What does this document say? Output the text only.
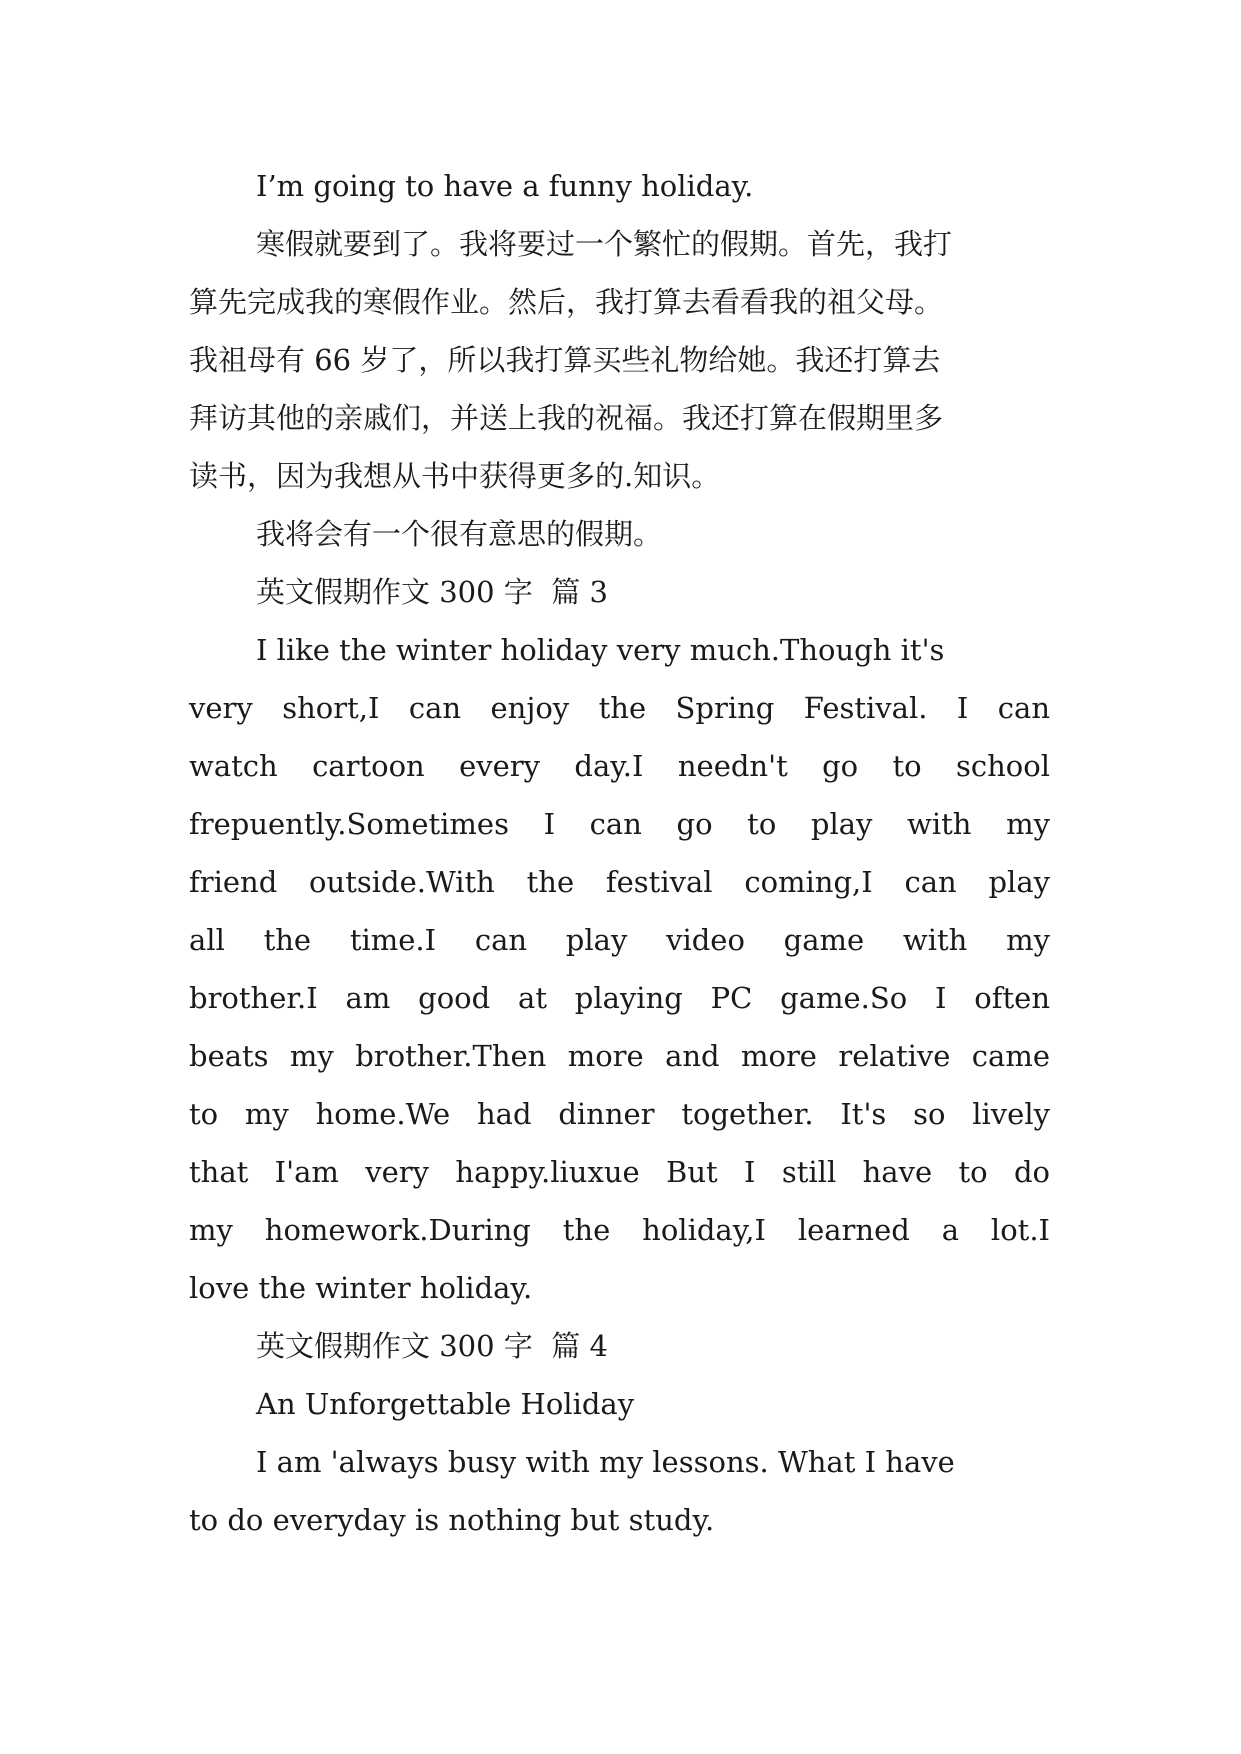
I’m going to have a funny holiday.
寒假就要到了。我将要过一个繁忙的假期。首先，我打
算先完成我的寒假作业。然后，我打算去看看我的祖父母。
我祖母有 66 岁了，所以我打算买些礼物给她。我还打算去
拜访其他的亲戚们，并送上我的祝福。我还打算在假期里多
读书，因为我想从书中获得更多的.知识。
我将会有一个很有意思的假期。
英文假期作文 300 字  篇 3
I like the winter holiday very much.Though it's
very short,I can enjoy the Spring Festival. I can
watch cartoon every day.I needn't go to school
frepuently.Sometimes I can go to play with my
friend outside.With the festival coming,I can play
all the time.I can play video game with my
brother.I am good at playing PC game.So I often
beats my brother.Then more and more relative came
to my home.We had dinner together. It's so lively
that I'am very happy.liuxue But I still have to do
my homework.During the holiday,I learned a lot.I
love the winter holiday.
英文假期作文 300 字  篇 4
An Unforgettable Holiday
I am 'always busy with my lessons. What I have
to do everyday is nothing but study.
